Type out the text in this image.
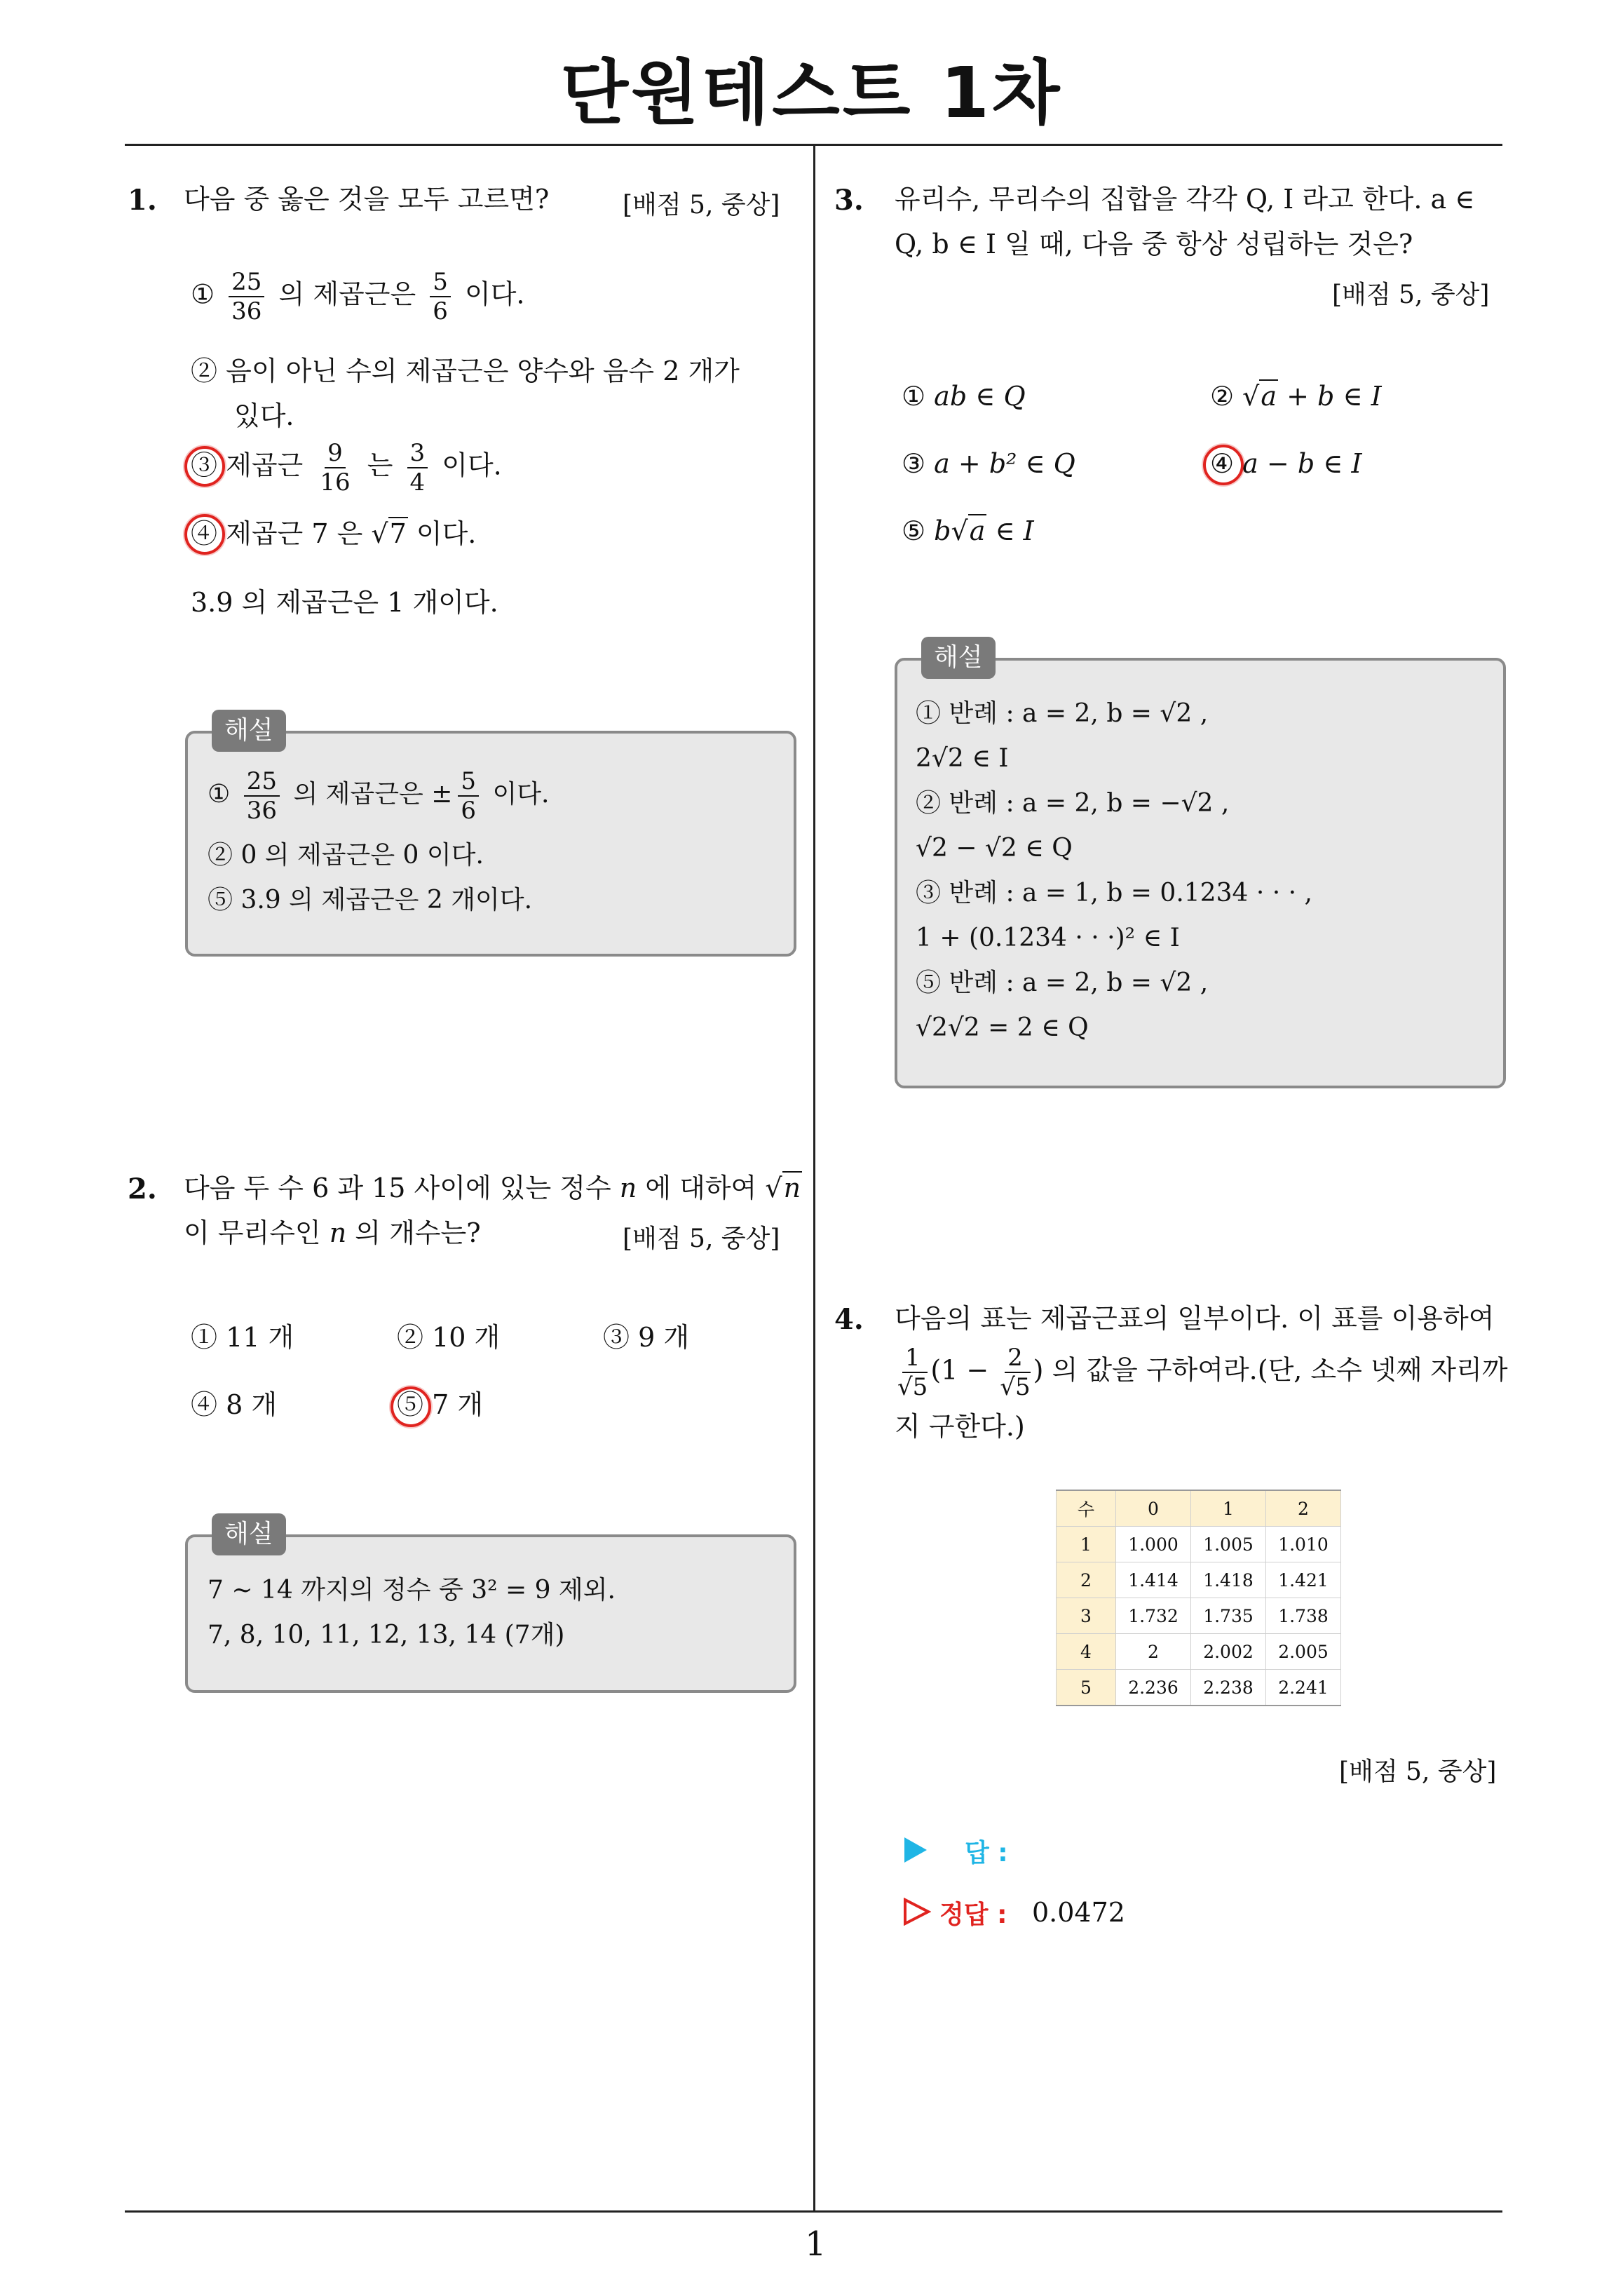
단원테스트 1차
1
1. 다음 중 옳은 것을 모두 고르면?	[배점 5, 중상]
① $\frac{25}{36}$ 의 제곱근은 $\frac{5}{6}$ 이다.
② 음이 아닌 수의 제곱근은 양수와 음수 2 개가
있다.
③ 제곱근 $\frac{9}{16}$ 는 $\frac{3}{4}$ 이다.
④ 제곱근 7 은 √7 이다.
3.9 의 제곱근은 1 개이다.
해설
① $\frac{25}{36}$ 의 제곱근은 ± $\frac{5}{6}$ 이다.
② 0 의 제곱근은 0 이다.
⑤ 3.9 의 제곱근은 2 개이다.
2. 다음 두 수 6 과 15 사이에 있는 정수 n 에 대하여 √n
이 무리수인 n 의 개수는?	[배점 5, 중상]
① 11 개	② 10 개	③ 9 개
④ 8 개	⑤ 7 개
해설
7 ∼ 14 까지의 정수 중 3² = 9 제외.
7, 8, 10, 11, 12, 13, 14 (7개)
3. 유리수, 무리수의 집합을 각각 Q, I 라고 한다. a ∈
Q, b ∈ I 일 때, 다음 중 항상 성립하는 것은?
[배점 5, 중상]
① ab ∈ Q	② √a + b ∈ I
③ a + b² ∈ Q	④ a − b ∈ I
⑤ b√a ∈ I
해설
① 반례 : a = 2, b = √2 ,
2√2 ∈ I
② 반례 : a = 2, b = −√2 ,
√2 − √2 ∈ Q
③ 반례 : a = 1, b = 0.1234 · · · ,
1 + (0.1234 · · ·)² ∈ I
⑤ 반례 : a = 2, b = √2 ,
√2√2 = 2 ∈ Q
4. 다음의 표는 제곱근표의 일부이다. 이 표를 이용하여
$\frac{1}{√5} (1 - \frac{2}{√5}$ ) 의 값을 구하여라.(단, 소수 넷째 자리까
지 구한다.)
수	0	1	2
1	1.000	1.005	1.010
2	1.414	1.418	1.421
3	1.732	1.735	1.738
4	2	2.002	2.005
5	2.236	2.238	2.241
[배점 5, 중상]
답 :
정답 : 0.0472
